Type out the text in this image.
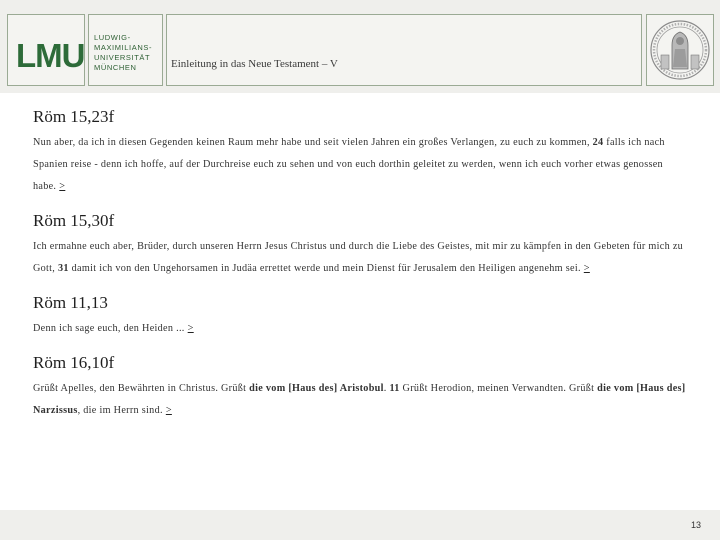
LMU LUDWIG-
MAXIMILIANS-
UNIVERSITÄT
MÜNCHEN	Einleitung in das Neue Testament – V
Röm 15,23f
Nun aber, da ich in diesen Gegenden keinen Raum mehr habe und seit vielen Jahren ein großes Verlangen, zu euch zu kommen, 24 falls ich nach Spanien reise - denn ich hoffe, auf der Durchreise euch zu sehen und von euch dorthin geleitet zu werden, wenn ich euch vorher etwas genossen habe. >
Röm 15,30f
Ich ermahne euch aber, Brüder, durch unseren Herrn Jesus Christus und durch die Liebe des Geistes, mit mir zu kämpfen in den Gebeten für mich zu Gott, 31 damit ich von den Ungehorsamen in Judäa errettet werde und mein Dienst für Jerusalem den Heiligen angenehm sei. >
Röm 11,13
Denn ich sage euch, den Heiden ... >
Röm 16,10f
Grüßt Apelles, den Bewährten in Christus. Grüßt die vom [Haus des] Aristobul. 11 Grüßt Herodion, meinen Verwandten. Grüßt die vom [Haus des] Narzissus, die im Herrn sind. >
13
